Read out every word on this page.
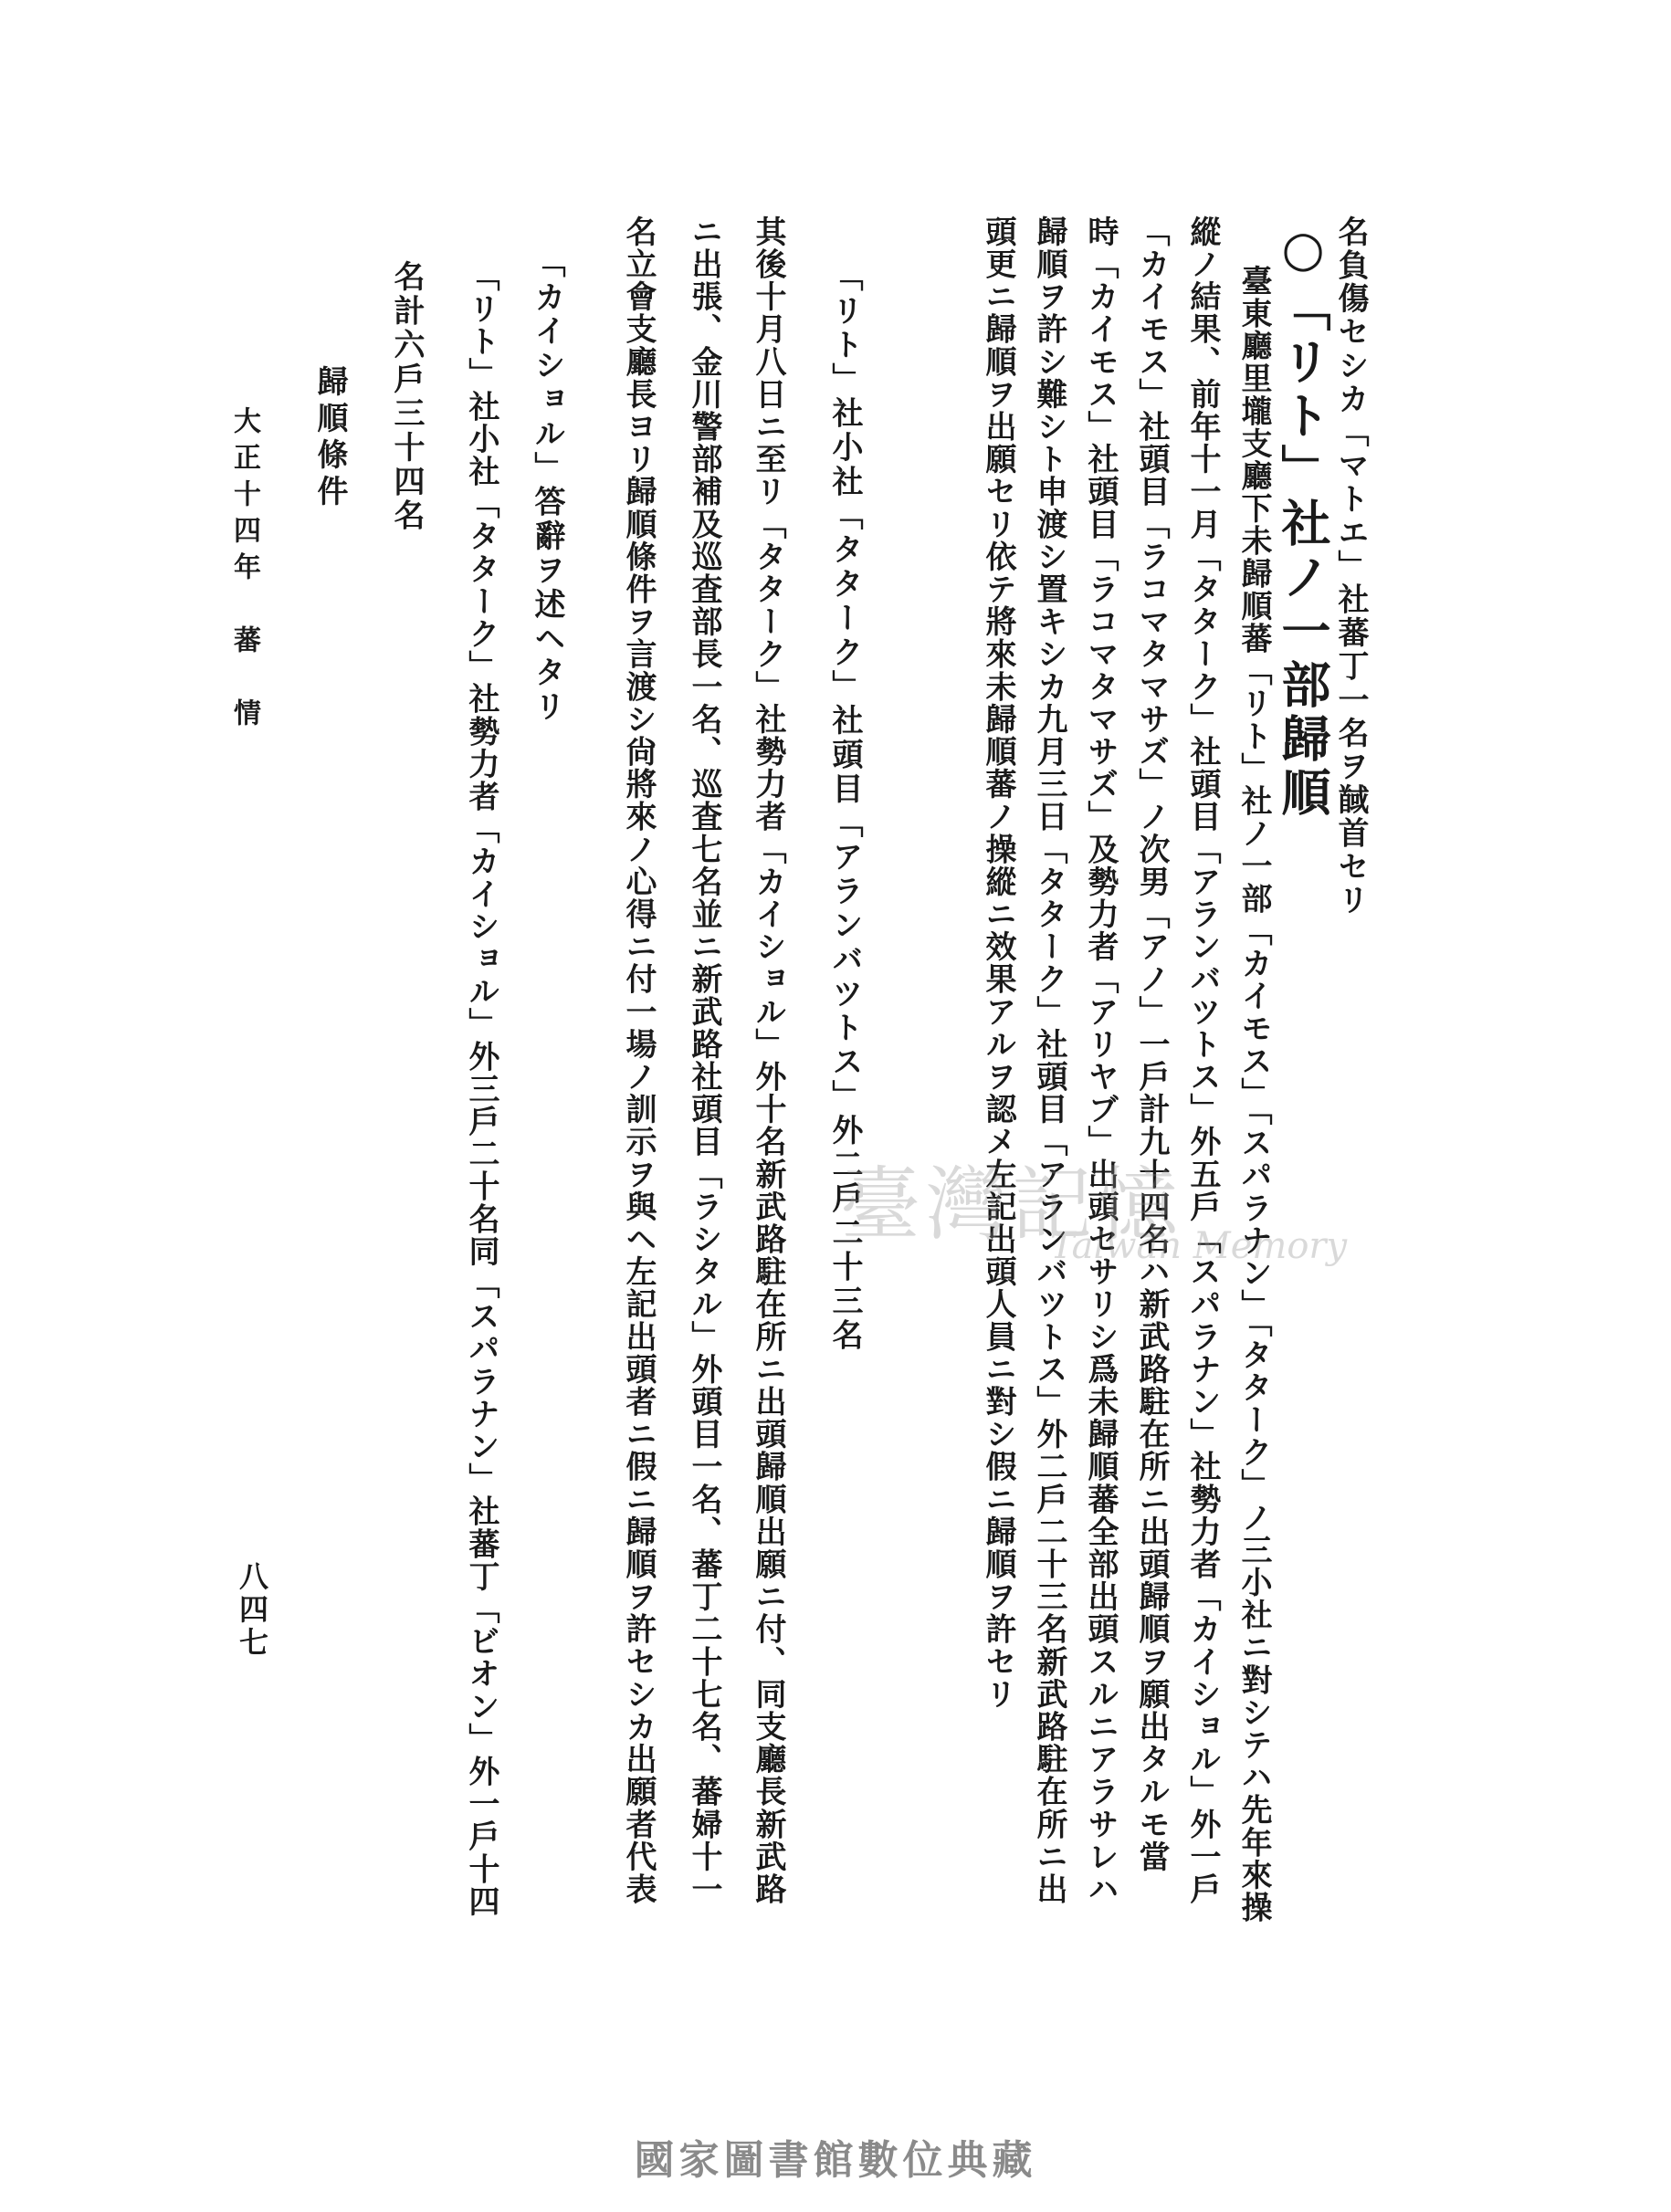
名負傷セシカ「マトエ」社蕃丁一名ヲ馘首セリ
○「リト」社ノ一部歸順
臺東廳里壠支廳下未歸順蕃「リト」社ノ一部「カイモス」「スパラナン」「タターク」ノ三小社ニ對シテハ先年來操
縱ノ結果、前年十一月「タターク」社頭目「アランバツトス」外五戶「スパラナン」社勢力者「カイショル」外一戶
「カイモス」社頭目「ラコマタマサズ」ノ次男「アノ」一戶計九十四名ハ新武路駐在所ニ出頭歸順ヲ願出タルモ當
時「カイモス」社頭目「ラコマタマサズ」及勢力者「アリヤブ」出頭セサリシ爲未歸順蕃全部出頭スルニアラサレハ
歸順ヲ許シ難シト申渡シ置キシカ九月三日「タターク」社頭目「アランバツトス」外二戶二十三名新武路駐在所ニ出
頭更ニ歸順ヲ出願セリ依テ將來未歸順蕃ノ操縱ニ效果アルヲ認メ左記出頭人員ニ對シ假ニ歸順ヲ許セリ
「リト」社小社「タターク」社頭目「アランバツトス」外二戶二十三名
其後十月八日ニ至リ「タターク」社勢力者「カイショル」外十名新武路駐在所ニ出頭歸順出願ニ付、同支廳長新武路
ニ出張、金川警部補及巡査部長一名、巡査七名並ニ新武路社頭目「ラシタル」外頭目一名、蕃丁二十七名、蕃婦十一
名立會支廳長ヨリ歸順條件ヲ言渡シ尙將來ノ心得ニ付一場ノ訓示ヲ與ヘ左記出頭者ニ假ニ歸順ヲ許セシカ出願者代表
「カイショル」答辭ヲ述ヘタリ
「リト」社小社「タターク」社勢力者「カイショル」外三戶二十名同「スパラナン」社蕃丁「ビオン」外一戶十四
名計六戶三十四名
歸順條件
大正十四年　蕃　情
八四七
臺灣記憶
Taiwan Memory
國家圖書館數位典藏
